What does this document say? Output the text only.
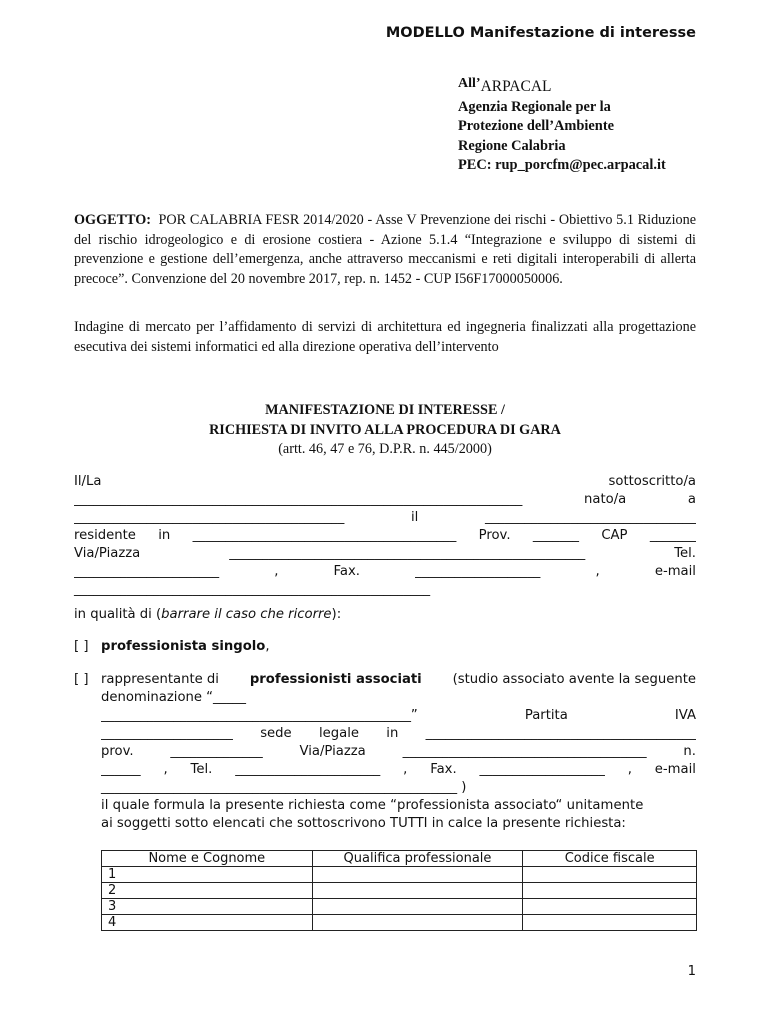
MODELLO Manifestazione di interesse
All’ARPACAL
Agenzia Regionale per la
Protezione dell’Ambiente
Regione Calabria
PEC: rup_porcfm@pec.arpacal.it

OGGETTO: POR CALABRIA FESR 2014/2020 - Asse V Prevenzione dei rischi - Obiettivo 5.1 Riduzione del rischio idrogeologico e di erosione costiera - Azione 5.1.4 “Integrazione e sviluppo di sistemi di prevenzione e gestione dell’emergenza, anche attraverso meccanismi e reti digitali interoperabili di allerta precoce”. Convenzione del 20 novembre 2017, rep. n. 1452 - CUP I56F17000050006.

Indagine di mercato per l’affidamento di servizi di architettura ed ingegneria finalizzati alla progettazione esecutiva dei sistemi informatici ed alla direzione operativa dell’intervento

MANIFESTAZIONE DI INTERESSE /
RICHIESTA DI INVITO ALLA PROCEDURA DI GARA
(artt. 46, 47 e 76, D.P.R. n. 445/2000)
Il/La	sottoscritto/a
____________________________________________________________________	nato/a	a
_________________________________________	il	________________________________
residente in ________________________________________ Prov. _______ CAP _______
Via/Piazza	______________________________________________________	Tel.
______________________	,	Fax.	___________________	,	e-mail
______________________________________________________
in qualità di (barrare il caso che ricorre):
[ ] professionista singolo,
[ ] rappresentante di professionisti associati (studio associato avente la seguente
denominazione “_____
_______________________________________________”	Partita	IVA
____________________ sede legale in _________________________________________
prov.	______________	Via/Piazza	_____________________________________	n.
______ , Tel. ______________________ , Fax. ___________________ , e-mail
______________________________________________________ )
il quale formula la presente richiesta come “professionista associato“ unitamente
ai soggetti sotto elencati che sottoscrivono TUTTI in calce la presente richiesta:
Nome e Cognome	Qualifica professionale	Codice fiscale
1		
2		
3		
4		
1
